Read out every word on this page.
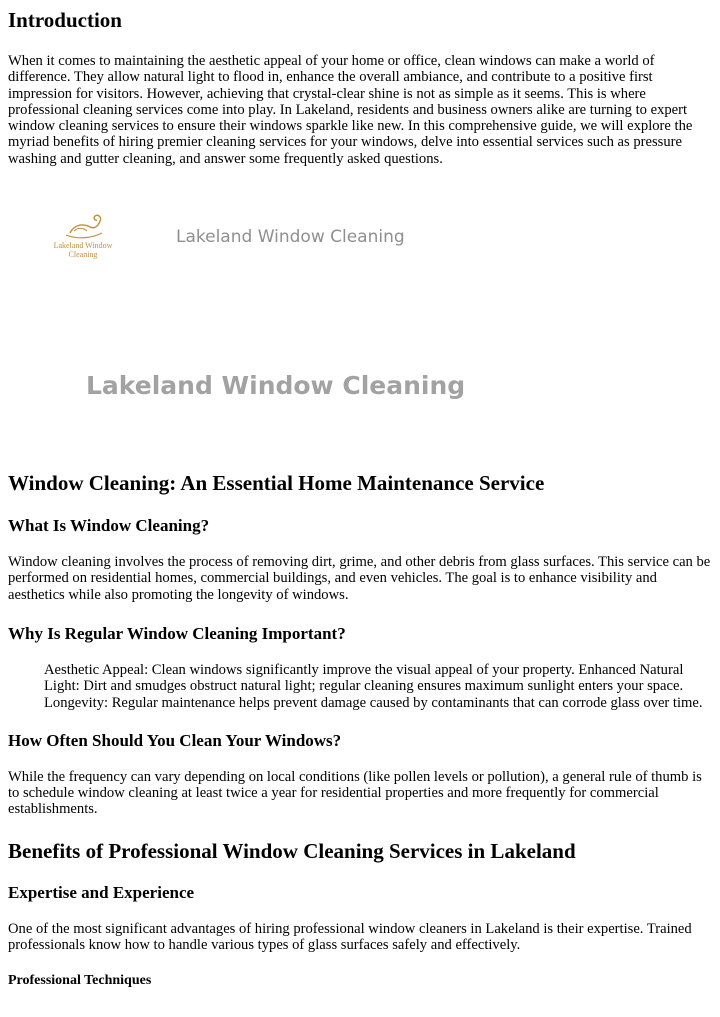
Introduction

When it comes to maintaining the aesthetic appeal of your home or office, clean windows can make a world of difference. They allow natural light to flood in, enhance the overall ambiance, and contribute to a positive first impression for visitors. However, achieving that crystal-clear shine is not as simple as it seems. This is where professional cleaning services come into play. In Lakeland, residents and business owners alike are turning to expert window cleaning services to ensure their windows sparkle like new. In this comprehensive guide, we will explore the myriad benefits of hiring premier cleaning services for your windows, delve into essential services such as pressure washing and gutter cleaning, and answer some frequently asked questions.

Lakeland Window Cleaning
Lakeland Window Cleaning
Lakeland Window Cleaning
Window Cleaning: An Essential Home Maintenance Service
What Is Window Cleaning?

Window cleaning involves the process of removing dirt, grime, and other debris from glass surfaces. This service can be performed on residential homes, commercial buildings, and even vehicles. The goal is to enhance visibility and aesthetics while also promoting the longevity of windows.

Why Is Regular Window Cleaning Important?

Aesthetic Appeal: Clean windows significantly improve the visual appeal of your property. Enhanced Natural Light: Dirt and smudges obstruct natural light; regular cleaning ensures maximum sunlight enters your space. Longevity: Regular maintenance helps prevent damage caused by contaminants that can corrode glass over time.

How Often Should You Clean Your Windows?

While the frequency can vary depending on local conditions (like pollen levels or pollution), a general rule of thumb is to schedule window cleaning at least twice a year for residential properties and more frequently for commercial establishments.

Benefits of Professional Window Cleaning Services in Lakeland
Expertise and Experience

One of the most significant advantages of hiring professional window cleaners in Lakeland is their expertise. Trained professionals know how to handle various types of glass surfaces safely and effectively.

Professional Techniques
